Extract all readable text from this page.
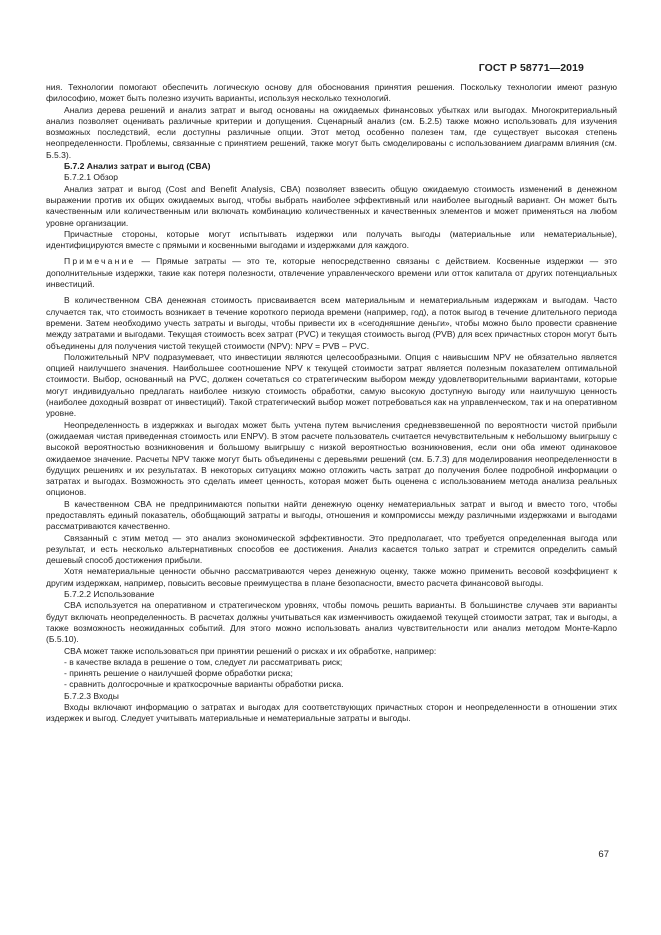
ГОСТ Р 58771—2019

ния. Технологии помогают обеспечить логическую основу для обоснования принятия решения. Поскольку технологии имеют разную философию, может быть полезно изучить варианты, используя несколько технологий.

Анализ дерева решений и анализ затрат и выгод основаны на ожидаемых финансовых убытках или выгодах. Многокритериальный анализ позволяет оценивать различные критерии и допущения. Сценарный анализ (см. Б.2.5) также можно использовать для изучения возможных последствий, если доступны различные опции. Этот метод особенно полезен там, где существует высокая степень неопределенности. Проблемы, связанные с принятием решений, также могут быть смоделированы с использованием диаграмм влияния (см. Б.5.3).

Б.7.2 Анализ затрат и выгод (CBA)

Б.7.2.1 Обзор

Анализ затрат и выгод (Cost and Benefit Analysis, CBA) позволяет взвесить общую ожидаемую стоимость изменений в денежном выражении против их общих ожидаемых выгод, чтобы выбрать наиболее эффективный или наиболее выгодный вариант. Он может быть качественным или количественным или включать комбинацию количественных и качественных элементов и может применяться на любом уровне организации.

Причастные стороны, которые могут испытывать издержки или получать выгоды (материальные или нематериальные), идентифицируются вместе с прямыми и косвенными выгодами и издержками для каждого.

Примечание — Прямые затраты — это те, которые непосредственно связаны с действием. Косвенные издержки — это дополнительные издержки, такие как потеря полезности, отвлечение управленческого времени или отток капитала от других потенциальных инвестиций.

В количественном CBA денежная стоимость присваивается всем материальным и нематериальным издержкам и выгодам. Часто случается так, что стоимость возникает в течение короткого периода времени (например, год), а поток выгод в течение длительного периода времени. Затем необходимо учесть затраты и выгоды, чтобы привести их в «сегодняшние деньги», чтобы можно было провести сравнение между затратами и выгодами. Текущая стоимость всех затрат (PVC) и текущая стоимость выгод (PVB) для всех причастных сторон могут быть объединены для получения чистой текущей стоимости (NPV): NPV = PVB – PVC.

Положительный NPV подразумевает, что инвестиции являются целесообразными. Опция с наивысшим NPV не обязательно является опцией наилучшего значения. Наибольшее соотношение NPV к текущей стоимости затрат является полезным показателем оптимальной стоимости. Выбор, основанный на PVC, должен сочетаться со стратегическим выбором между удовлетворительными вариантами, которые могут индивидуально предлагать наиболее низкую стоимость обработки, самую высокую доступную выгоду или наилучшую ценность (наиболее доходный возврат от инвестиций). Такой стратегический выбор может потребоваться как на управленческом, так и на оперативном уровне.

Неопределенность в издержках и выгодах может быть учтена путем вычисления средневзвешенной по вероятности чистой прибыли (ожидаемая чистая приведенная стоимость или ENPV). В этом расчете пользователь считается нечувствительным к небольшому выигрышу с высокой вероятностью возникновения и большому выигрышу с низкой вероятностью возникновения, если они оба имеют одинаковое ожидаемое значение. Расчеты NPV также могут быть объединены с деревьями решений (см. Б.7.3) для моделирования неопределенности в будущих решениях и их результатах. В некоторых ситуациях можно отложить часть затрат до получения более подробной информации о затратах и выгодах. Возможность это сделать имеет ценность, которая может быть оценена с использованием метода анализа реальных опционов.

В качественном CBA не предпринимаются попытки найти денежную оценку нематериальных затрат и выгод и вместо того, чтобы предоставлять единый показатель, обобщающий затраты и выгоды, отношения и компромиссы между различными издержками и выгодами рассматриваются качественно.

Связанный с этим метод — это анализ экономической эффективности. Это предполагает, что требуется определенная выгода или результат, и есть несколько альтернативных способов ее достижения. Анализ касается только затрат и стремится определить самый дешевый способ достижения прибыли.

Хотя нематериальные ценности обычно рассматриваются через денежную оценку, также можно применить весовой коэффициент к другим издержкам, например, повысить весовые преимущества в плане безопасности, вместо расчета финансовой выгоды.

Б.7.2.2 Использование

CBA используется на оперативном и стратегическом уровнях, чтобы помочь решить варианты. В большинстве случаев эти варианты будут включать неопределенность. В расчетах должны учитываться как изменчивость ожидаемой текущей стоимости затрат, так и выгоды, а также возможность неожиданных событий. Для этого можно использовать анализ чувствительности или анализ методом Монте-Карло (Б.5.10).

CBA может также использоваться при принятии решений о рисках и их обработке, например:

- в качестве вклада в решение о том, следует ли рассматривать риск;

- принять решение о наилучшей форме обработки риска;

- сравнить долгосрочные и краткосрочные варианты обработки риска.

Б.7.2.3 Входы

Входы включают информацию о затратах и выгодах для соответствующих причастных сторон и неопределенности в отношении этих издержек и выгод. Следует учитывать материальные и нематериальные затраты и выгоды.

67
